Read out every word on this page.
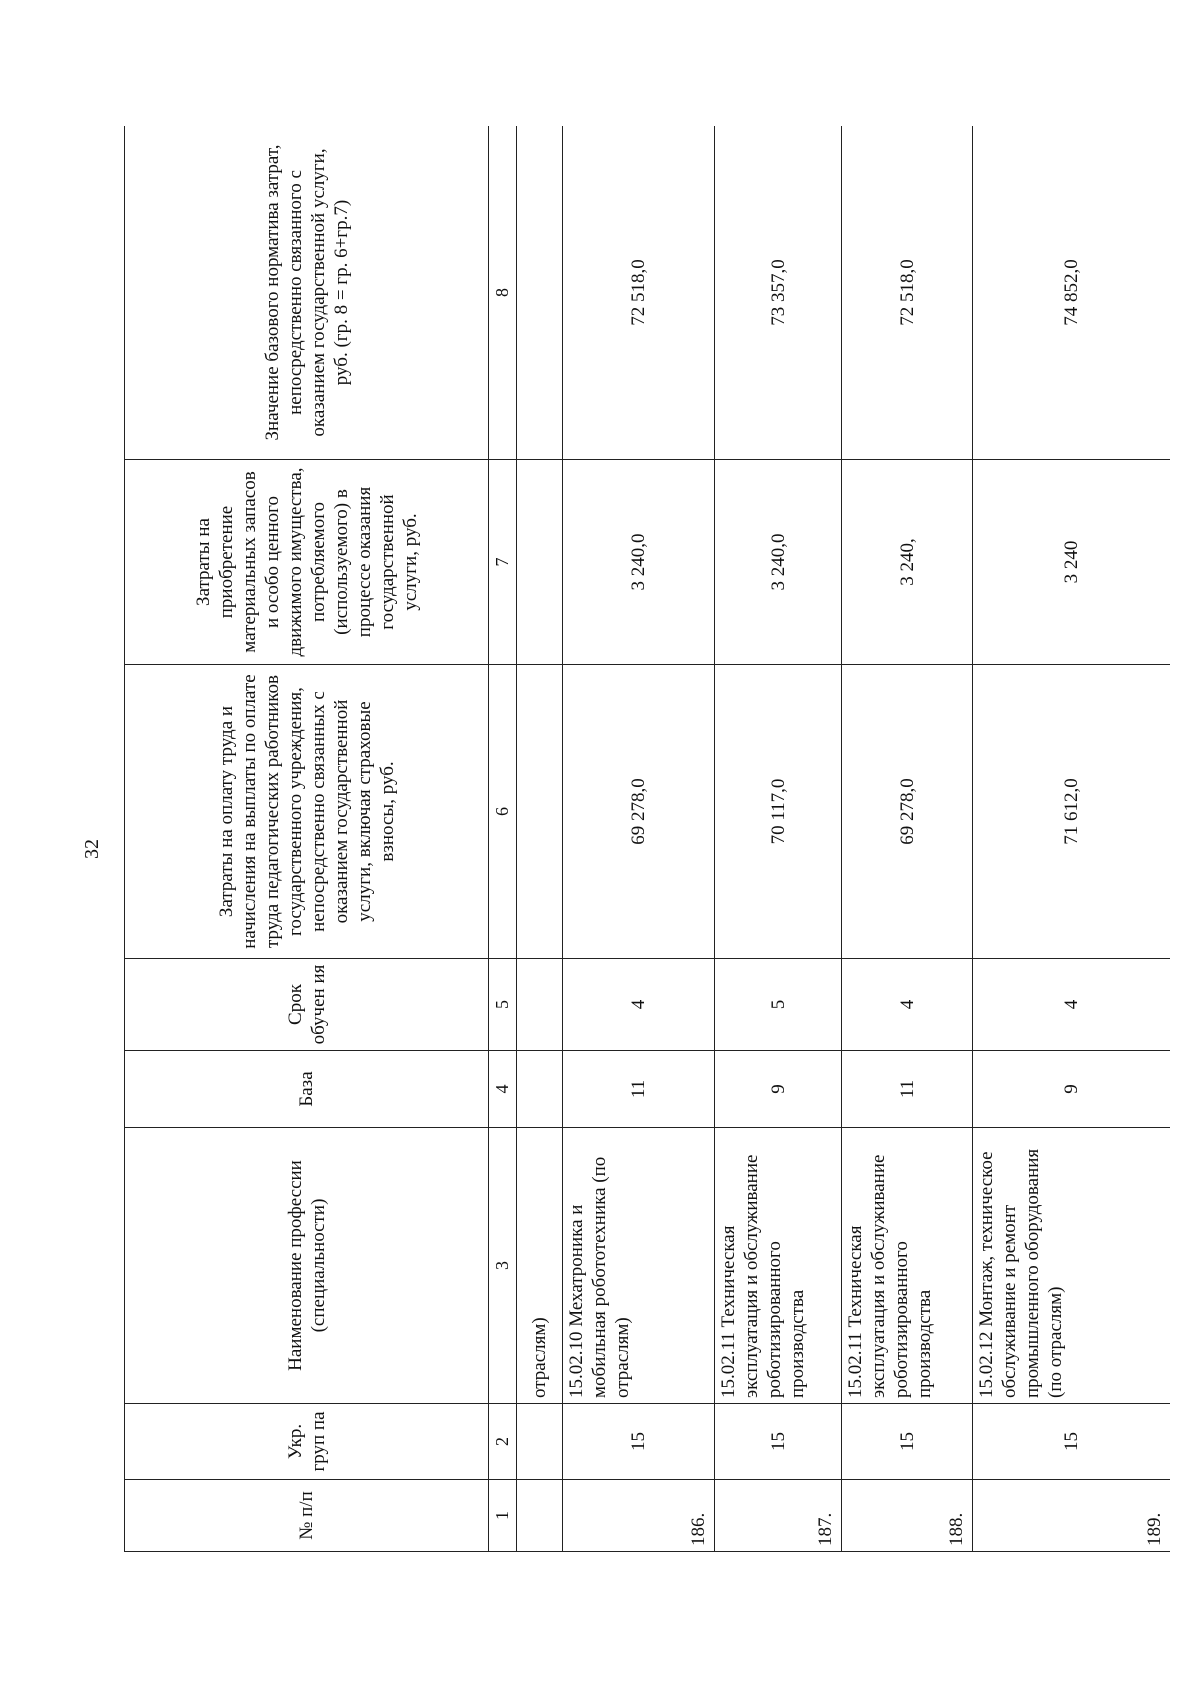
32
№ п/п	Укр. груп па	Наименование профессии (специальности)	База	Срок обучен ия	Затраты на оплату труда и начисления на выплаты по оплате труда педагогических работников государственного учреждения, непосредственно связанных с оказанием государственной услуги, включая страховые взносы, руб.	Затраты на приобретение материальных запасов и особо ценного движимого имущества, потребляемого (используемого) в процессе оказания государственной услуги, руб.	Значение базового норматива затрат, непосредственно связанного с оказанием государственной услуги, руб. (гр. 8 = гр. 6+гр.7)
1	2	3	4	5	6	7	8
		отраслям)					
186.	15	15.02.10 Мехатроника и мобильная робототехника (по отраслям)	11	4	69 278,0	3 240,0	72 518,0
187.	15	15.02.11 Техническая эксплуатация и обслуживание роботизированного производства	9	5	70 117,0	3 240,0	73 357,0
188.	15	15.02.11 Техническая эксплуатация и обслуживание роботизированного производства	11	4	69 278,0	3 240,	72 518,0
189.	15	15.02.12 Монтаж, техническое обслуживание и ремонт промышленного оборудования (по отраслям)	9	4	71 612,0	3 240	74 852,0
